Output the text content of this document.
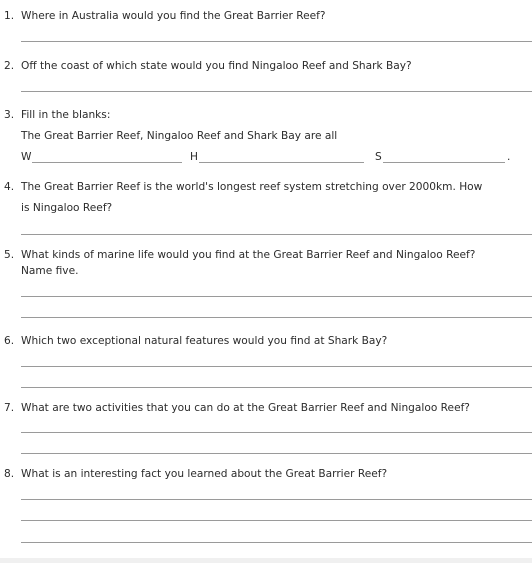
1. Where in Australia would you find the Great Barrier Reef?
2. Off the coast of which state would you find Ningaloo Reef and Shark Bay?
3. Fill in the blanks:
The Great Barrier Reef, Ningaloo Reef and Shark Bay are all
W	H	S	.
4. The Great Barrier Reef is the world's longest reef system stretching over 2000km. How
is Ningaloo Reef?
5. What kinds of marine life would you find at the Great Barrier Reef and Ningaloo Reef?
Name five.
6. Which two exceptional natural features would you find at Shark Bay?
7. What are two activities that you can do at the Great Barrier Reef and Ningaloo Reef?
8. What is an interesting fact you learned about the Great Barrier Reef?
